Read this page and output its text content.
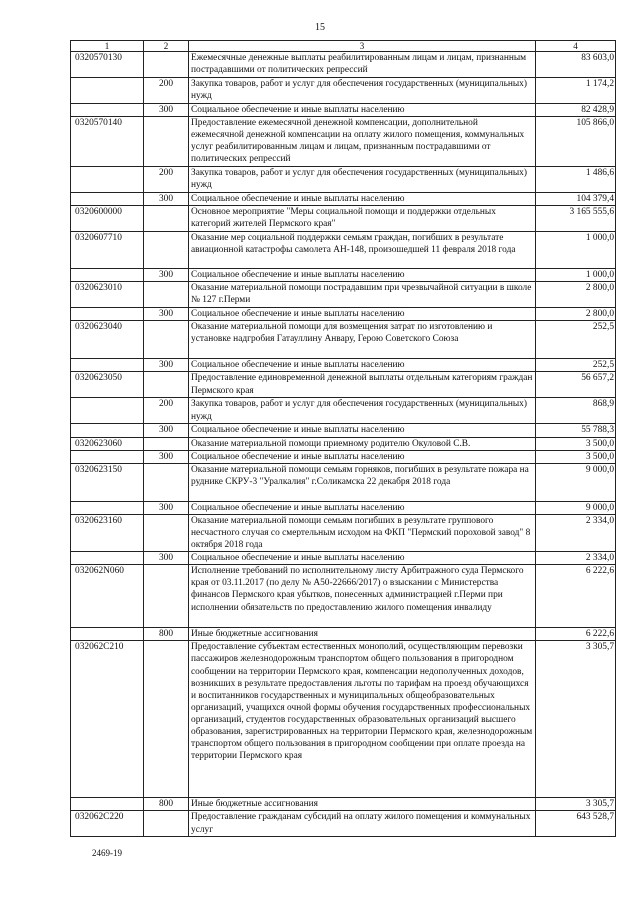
15
1	2	3	4
0320570130		Ежемесячные денежные выплаты реабилитированным лицам и лицам, признанным пострадавшими от политических репрессий	83 603,0
	200	Закупка товаров, работ и услуг для обеспечения государственных (муниципальных) нужд	1 174,2
	300	Социальное обеспечение и иные выплаты населению	82 428,9
0320570140		Предоставление ежемесячной денежной компенсации, дополнительной ежемесячной денежной компенсации на оплату жилого помещения, коммунальных услуг реабилитированным лицам и лицам, признанным пострадавшими от политических репрессий	105 866,0
	200	Закупка товаров, работ и услуг для обеспечения государственных (муниципальных) нужд	1 486,6
	300	Социальное обеспечение и иные выплаты населению	104 379,4
0320600000		Основное мероприятие "Меры социальной помощи и поддержки отдельных категорий жителей Пермского края"	3 165 555,6
0320607710		Оказание мер социальной поддержки семьям граждан, погибших в результате авиационной катастрофы самолета АН-148, произошедшей 11 февраля 2018 года	1 000,0
	300	Социальное обеспечение и иные выплаты населению	1 000,0
0320623010		Оказание материальной помощи пострадавшим при чрезвычайной ситуации в школе № 127 г.Перми	2 800,0
	300	Социальное обеспечение и иные выплаты населению	2 800,0
0320623040		Оказание материальной помощи для возмещения затрат по изготовлению и установке надгробия Гатауллину Анвару, Герою Советского Союза	252,5
	300	Социальное обеспечение и иные выплаты населению	252,5
0320623050		Предоставление единовременной денежной выплаты отдельным категориям граждан Пермского края	56 657,2
	200	Закупка товаров, работ и услуг для обеспечения государственных (муниципальных) нужд	868,9
	300	Социальное обеспечение и иные выплаты населению	55 788,3
0320623060		Оказание материальной помощи приемному родителю Окуловой С.В.	3 500,0
	300	Социальное обеспечение и иные выплаты населению	3 500,0
0320623150		Оказание материальной помощи семьям горняков, погибших в результате пожара на руднике СКРУ-3 "Уралкалия" г.Соликамска 22 декабря 2018 года	9 000,0
	300	Социальное обеспечение и иные выплаты населению	9 000,0
0320623160		Оказание материальной помощи семьям погибших в результате группового несчастного случая со смертельным исходом на ФКП "Пермский пороховой завод" 8 октября 2018 года	2 334,0
	300	Социальное обеспечение и иные выплаты населению	2 334,0
032062N060		Исполнение требований по исполнительному листу Арбитражного суда Пермского края от 03.11.2017 (по делу № А50-22666/2017) о взыскании с Министерства финансов Пермского края убытков, понесенных администрацией г.Перми при исполнении обязательств по предоставлению жилого помещения инвалиду	6 222,6
	800	Иные бюджетные ассигнования	6 222,6
032062C210		Предоставление субъектам естественных монополий, осуществляющим перевозки пассажиров железнодорожным транспортом общего пользования в пригородном сообщении на территории Пермского края, компенсации недополученных доходов, возникших в результате предоставления льготы по тарифам на проезд обучающихся и воспитанников государственных и муниципальных общеобразовательных организаций, учащихся очной формы обучения государственных профессиональных организаций, студентов государственных образовательных организаций высшего образования, зарегистрированных на территории Пермского края, железнодорожным транспортом общего пользования в пригородном сообщении при оплате проезда на территории Пермского края	3 305,7
	800	Иные бюджетные ассигнования	3 305,7
032062C220		Предоставление гражданам субсидий на оплату жилого помещения и коммунальных услуг	643 528,7
2469-19
